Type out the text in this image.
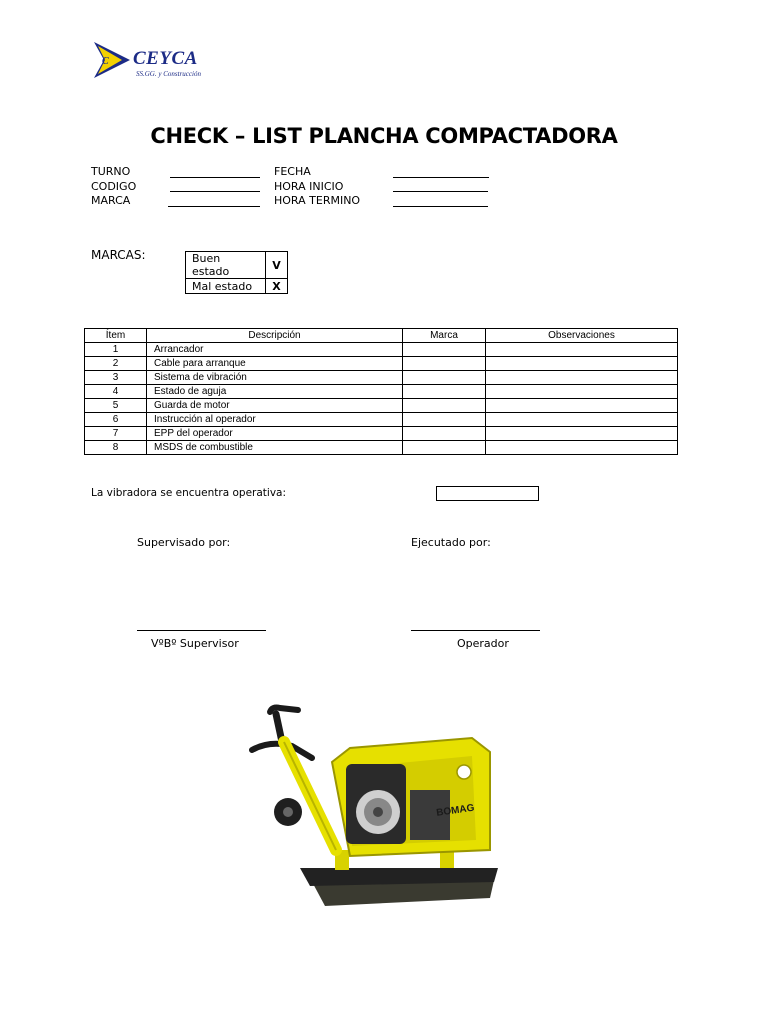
C CEYCA
SS.GG. y Construcción
CHECK – LIST PLANCHA COMPACTADORA
TURNO
CODIGO
MARCA
FECHA
HORA INICIO
HORA TERMINO
MARCAS:	Buen estado	V
Mal estado	X
Ítem	Descripción	Marca	Observaciones
1	Arrancador		
2	Cable para arranque		
3	Sistema de vibración		
4	Estado de aguja		
5	Guarda de motor		
6	Instrucción al operador		
7	EPP del operador		
8	MSDS de combustible		
La vibradora se encuentra operativa:
Supervisado por:	Ejecutado por:
VºBº Supervisor	Operador
BOMAG
